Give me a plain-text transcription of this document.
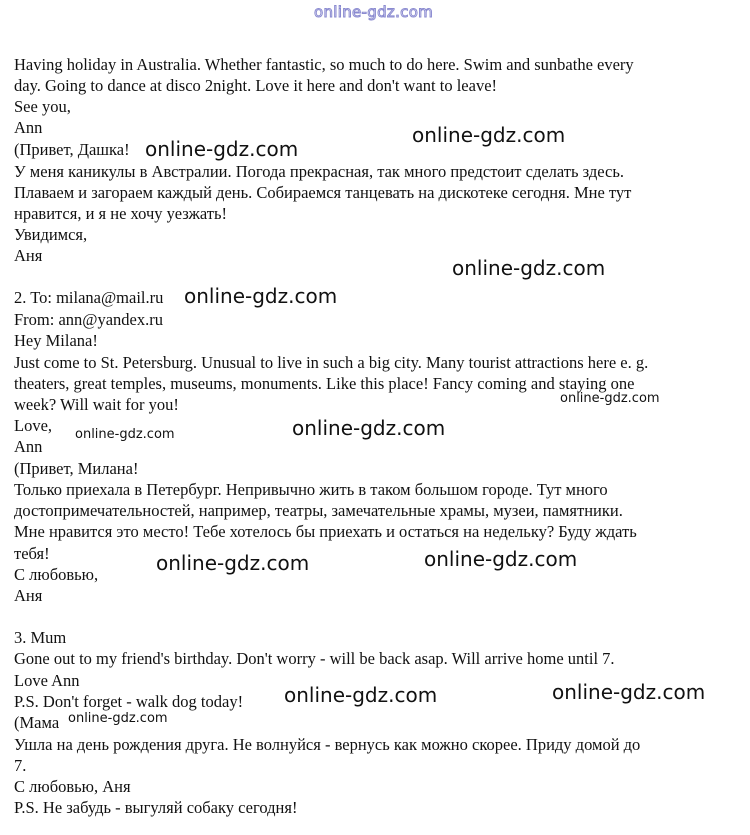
online-gdz.com
Having holiday in Australia. Whether fantastic, so much to do here. Swim and sunbathe every
day. Going to dance at disco 2night. Love it here and don't want to leave!
See you,
Ann
(Привет, Дашка!
У меня каникулы в Австралии. Погода прекрасная, так много предстоит сделать здесь.
Плаваем и загораем каждый день. Собираемся танцевать на дискотеке сегодня. Мне тут
нравится, и я не хочу уезжать!
Увидимся,
Аня
2. To: milana@mail.ru
From: ann@yandex.ru
Hey Milana!
Just come to St. Petersburg. Unusual to live in such a big city. Many tourist attractions here e. g.
theaters, great temples, museums, monuments. Like this place! Fancy coming and staying one
week? Will wait for you!
Love,
Ann
(Привет, Милана!
Только приехала в Петербург. Непривычно жить в таком большом городе. Тут много
достопримечательностей, например, театры, замечательные храмы, музеи, памятники.
Мне нравится это место! Тебе хотелось бы приехать и остаться на недельку? Буду ждать
тебя!
С любовью,
Аня
3. Mum
Gone out to my friend's birthday. Don't worry - will be back asap. Will arrive home until 7.
Love Ann
P.S. Don't forget - walk dog today!
(Мама
Ушла на день рождения друга. Не волнуйся - вернусь как можно скорее. Приду домой до
7.
С любовью, Аня
P.S. Не забудь - выгуляй собаку сегодня!
online-gdz.com
online-gdz.com
online-gdz.com
online-gdz.com
online-gdz.com
online-gdz.com
online-gdz.com
online-gdz.com	online-gdz.com
online-gdz.com	online-gdz.com
online-gdz.com
